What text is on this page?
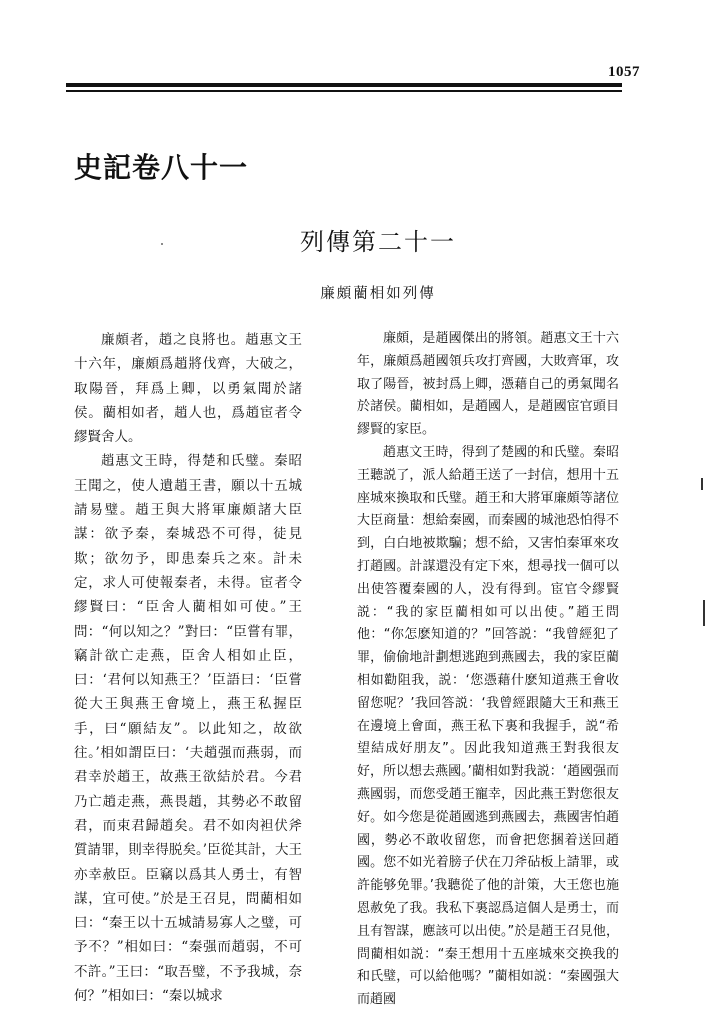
1057
史記卷八十一
列傳第二十一
廉頗藺相如列傳

廉頗者，趙之良將也。趙惠文王十六年，廉頗爲趙將伐齊，大破之，取陽晉，拜爲上卿，以勇氣聞於諸侯。藺相如者，趙人也，爲趙宦者令繆賢舍人。

趙惠文王時，得楚和氏璧。秦昭王聞之，使人遺趙王書，願以十五城請易璧。趙王與大將軍廉頗諸大臣謀：欲予秦，秦城恐不可得，徒見欺；欲勿予，即患秦兵之來。計未定，求人可使報秦者，未得。宦者令繆賢曰：“臣舍人藺相如可使。”王問：“何以知之？”對曰：“臣嘗有罪，竊計欲亡走燕，臣舍人相如止臣，曰：‘君何以知燕王？’臣語曰：‘臣嘗從大王與燕王會境上，燕王私握臣手，曰“願結友”。以此知之，故欲往。’相如謂臣曰：‘夫趙强而燕弱，而君幸於趙王，故燕王欲結於君。今君乃亡趙走燕，燕畏趙，其勢必不敢留君，而束君歸趙矣。君不如肉袒伏斧質請罪，則幸得脱矣。’臣從其計，大王亦幸赦臣。臣竊以爲其人勇士，有智謀，宜可使。”於是王召見，問藺相如曰：“秦王以十五城請易寡人之璧，可予不？”相如曰：“秦强而趙弱，不可不許。”王曰：“取吾璧，不予我城，奈何？”相如曰：“秦以城求

廉頗，是趙國傑出的將領。趙惠文王十六年，廉頗爲趙國領兵攻打齊國，大敗齊軍，攻取了陽晉，被封爲上卿，憑藉自己的勇氣聞名於諸侯。藺相如，是趙國人，是趙國宦官頭目繆賢的家臣。

趙惠文王時，得到了楚國的和氏璧。秦昭王聽説了，派人給趙王送了一封信，想用十五座城來換取和氏璧。趙王和大將軍廉頗等諸位大臣商量：想給秦國，而秦國的城池恐怕得不到，白白地被欺騙；想不給，又害怕秦軍來攻打趙國。計謀還没有定下來，想尋找一個可以出使答覆秦國的人，没有得到。宦官令繆賢説：“我的家臣藺相如可以出使。”趙王問他：“你怎麽知道的？”回答説：“我曾經犯了罪，偷偷地計劃想逃跑到燕國去，我的家臣藺相如勸阻我，説：‘您憑藉什麽知道燕王會收留您呢？’我回答説：‘我曾經跟隨大王和燕王在邊境上會面，燕王私下裏和我握手，説“希望結成好朋友”。因此我知道燕王對我很友好，所以想去燕國。’藺相如對我説：‘趙國强而燕國弱，而您受趙王寵幸，因此燕王對您很友好。如今您是從趙國逃到燕國去，燕國害怕趙國，勢必不敢收留您，而會把您捆着送回趙國。您不如光着膀子伏在刀斧砧板上請罪，或許能够免罪。’我聽從了他的計策，大王您也施恩赦免了我。我私下裏認爲這個人是勇士，而且有智謀，應該可以出使。”於是趙王召見他，問藺相如説：“秦王想用十五座城來交换我的和氏璧，可以給他嗎？”藺相如説：“秦國强大而趙國
